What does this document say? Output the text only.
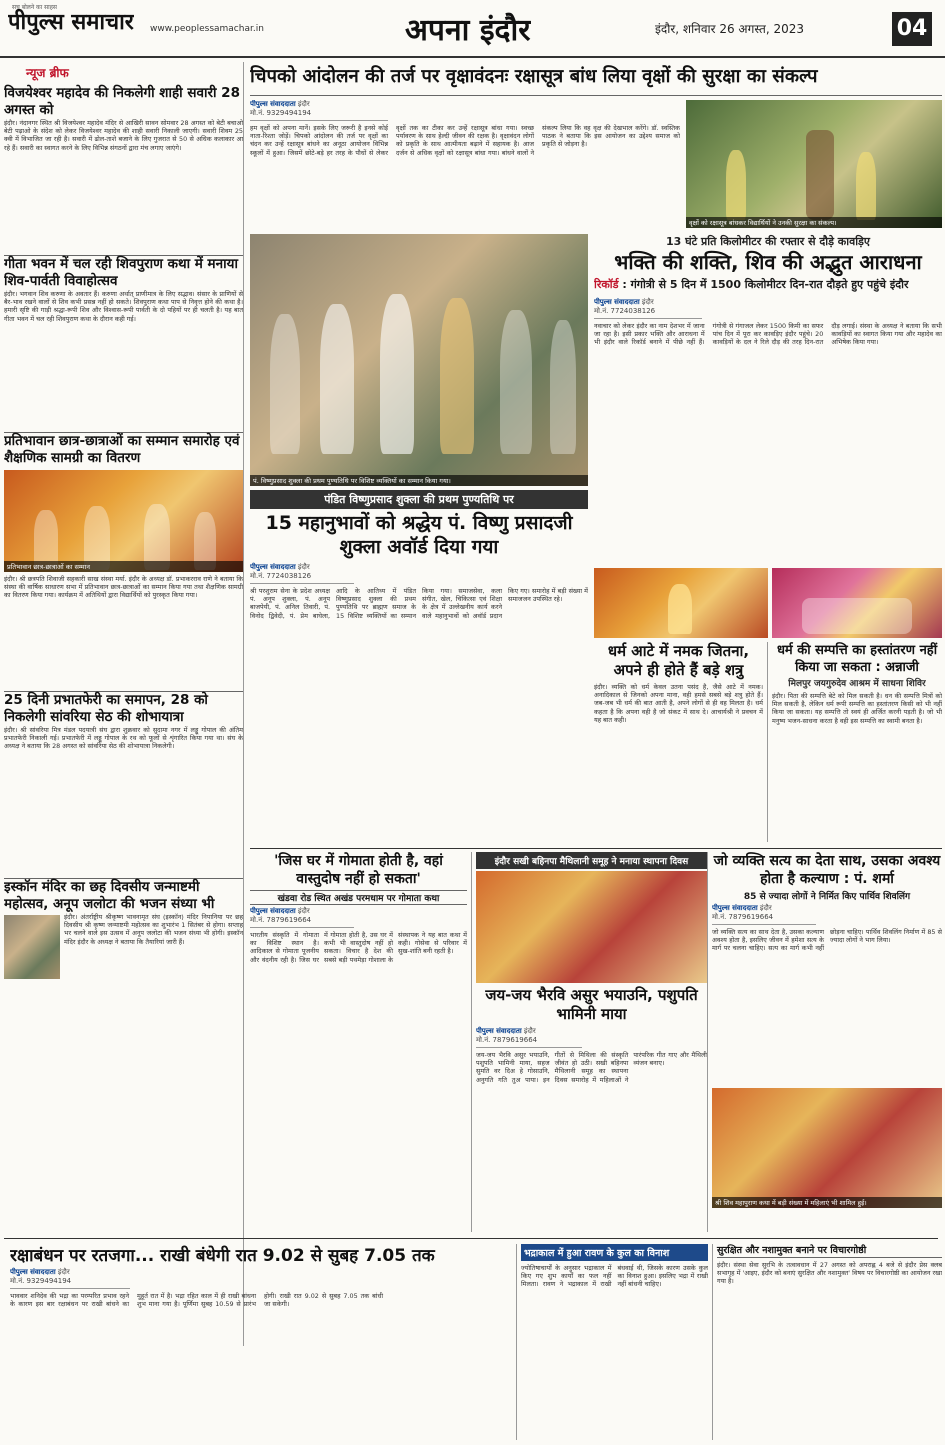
सच बोलने का साहस
पीपुल्स समाचार www.peoplessamachar.in	अपना इंदौर	इंदौर, शनिवार 26 अगस्त, 2023	04
न्यूज ब्रीफ
विजयेश्वर महादेव की निकलेगी शाही सवारी 28 अगस्त को
इंदौर। नंदानगर स्थित श्री विजयेश्वर महादेव मंदिर से आखिरी सावन सोमवार 28 अगस्त को बेटी बचाओ बेटी पढ़ाओ के संदेश को लेकर विजयेश्वर महादेव की शाही सवारी निकाली जाएगी। सवारी शिवम 25 क्वी में विभाजित जा रही है। सवारी में ढोल-ताशे बजाने के लिए गुजरात से 50 से अधिक कलाकार आ रहे हैं। सवारी का स्वागत करने के लिए विभिन्न संगठनों द्वारा मंच लगाए जाएंगे।
गीता भवन में चल रही शिवपुराण कथा में मनाया शिव-पार्वती विवाहोत्सव
इंदौर। भगवान शिव करुणा के अवतार हैं। करुणा अर्थात् प्राणीमात्र के लिए सद्भाव। संसार के प्राणियों से बैर-भाव रखने वालों से शिव कभी प्रसन्न नहीं हो सकते। शिवपुराण कथा पाप से निवृत्त होने की कथा है। हमारी सृष्टि की गाड़ी श्रद्धा-रूपी शिव और विश्वास-रूपी पार्वती के दो पहियों पर ही चलती है। यह बात गीता भवन में चल रही शिवपुराण कथा के दौरान कही गई।
प्रतिभावान छात्र-छात्राओं का सम्मान समारोह एवं शैक्षणिक सामग्री का वितरण
प्रतिभावान छात्र-छात्राओं का सम्मान
इंदौर। श्री छत्रपति शिवाजी सहकारी साख संस्था मर्या. इंदौर के अध्यक्ष डॉ. प्रभाकरराव राणे ने बताया कि संस्था की वार्षिक साधारण सभा में प्रतिभावान छात्र-छात्राओं का सम्मान किया गया तथा शैक्षणिक सामग्री का वितरण किया गया। कार्यक्रम में अतिथियों द्वारा विद्यार्थियों को पुरस्कृत किया गया।
25 दिनी प्रभातफेरी का समापन, 28 को निकलेगी सांवरिया सेठ की शोभायात्रा
इंदौर। श्री सांवरिया मित्र मंडल पदयात्री संघ द्वारा शुक्रवार को सुदामा नगर में लड्डू गोपाल की अंतिम प्रभातफेरी निकाली गई। प्रभातफेरी में लड्डू गोपाल के रथ को फूलों से शृंगारित किया गया था। संघ के अध्यक्ष ने बताया कि 28 अगस्त को सांवरिया सेठ की शोभायात्रा निकलेगी।
इस्कॉन मंदिर का छह दिवसीय जन्माष्टमी महोत्सव, अनूप जलोटा की भजन संध्या भी
इंदौर। अंतर्राष्ट्रीय श्रीकृष्ण भावनामृत संघ (इस्कॉन) मंदिर निपानिया पर छह दिवसीय श्री कृष्ण जन्माष्टमी महोत्सव का शुभारंभ 1 सितंबर से होगा। सप्ताह भर चलने वाले इस उत्सव में अनूप जलोटा की भजन संध्या भी होगी। इस्कॉन मंदिर इंदौर के अध्यक्ष ने बताया कि तैयारियां जारी हैं।
चिपको आंदोलन की तर्ज पर वृक्षावंदनः रक्षासूत्र बांध लिया वृक्षों की सुरक्षा का संकल्प
पीपुल्स संवाददाता इंदौर
मो.नं. 9329494194
हम वृक्षों को अपना मानें। इसके लिए जरूरी है इनसे कोई नाता-रिश्ता जोड़ें। चिपको आंदोलन की तर्ज पर वृक्षों का चंदन कर उन्हें रक्षासूत्र बांधने का अनूठा आयोजन विभिन्न स्कूलों में हुआ। जिसमें छोटे-बड़े हर तरह के पौधों से लेकर वृक्षों तक का टीका कर उन्हें रक्षासूत्र बांधा गया। स्वच्छ पर्यावरण के साथ हेल्दी जीवन की रक्षक है। वृक्षावंदन लोगों को प्रकृति के साथ आत्मीयता बढ़ाने में सहायक है। आज दर्जन से अधिक वृक्षों को रक्षासूत्र बांधा गया। बांधने वालों ने संकल्प लिया कि वह वृक्ष की देखभाल करेंगे। डॉ. स्वस्तिक पाठक ने बताया कि इस आयोजन का उद्देश्य समाज को प्रकृति से जोड़ना है।
वृक्षों को रक्षासूत्र बांधकर विद्यार्थियों ने उनकी सुरक्षा का संकल्प।
पं. विष्णुप्रसाद शुक्ला की प्रथम पुण्यतिथि पर विशिष्ट व्यक्तियों का सम्मान किया गया।
13 घंटे प्रति किलोमीटर की रफ्तार से दौड़े कावड़िए
भक्ति की शक्ति, शिव की अद्भुत आराधना
रिकॉर्ड : गंगोत्री से 5 दिन में 1500 किलोमीटर दिन-रात दौड़ते हुए पहुंचे इंदौर
पीपुल्स संवाददाता इंदौर
मो.नं. 7724038126
नवाचार को लेकर इंदौर का नाम देशभर में जाना जा रहा है। इसी प्रकार भक्ति और आराधना में भी इंदौर वाले रिकॉर्ड बनाने में पीछे नहीं हैं। गंगोत्री से गंगाजल लेकर 1500 किमी का सफर पांच दिन में पूरा कर कावड़िए इंदौर पहुंचे। 20 कावड़ियों के दल ने रिले दौड़ की तरह दिन-रात दौड़ लगाई। संस्था के अध्यक्ष ने बताया कि सभी कावड़ियों का स्वागत किया गया और महादेव का अभिषेक किया गया।
पंडित विष्णुप्रसाद शुक्ला की प्रथम पुण्यतिथि पर
15 महानुभावों को श्रद्धेय पं. विष्णु प्रसादजी शुक्ला अवॉर्ड दिया गया
पीपुल्स संवाददाता इंदौर
मो.नं. 7724038126
श्री परशुराम सेना के प्रदेश अध्यक्ष पं. अनूप शुक्ला, पं. अनूप बाजपेयी, पं. अनिल तिवारी, पं. विनोद द्विवेदी, पं. प्रेम बाघेला, आदि के आतिथ्य में पंडित विष्णुप्रसाद शुक्ला की प्रथम पुण्यतिथि पर ब्राह्मण समाज के 15 विशिष्ट व्यक्तियों का सम्मान किया गया। समाजसेवा, कला संगीत, खेल, चिकित्सा एवं शिक्षा के क्षेत्र में उल्लेखनीय कार्य करने वाले महानुभावों को अवॉर्ड प्रदान किए गए। समारोह में बड़ी संख्या में समाजजन उपस्थित रहे।
धर्म आटे में नमक जितना, अपने ही होते हैं बड़े शत्रु
इंदौर। व्यक्ति को धर्म केवल उतना पसंद है, जैसे आटे में नमक। अनादिकाल से जिनको अपना माना, वही हमसे सबसे बड़े शत्रु होते हैं। जब-जब भी धर्म की बात आती है, अपने लोगों से ही वह मिलता है। धर्म कहता है कि अपना वही है जो संकट में साथ दे। आचार्यश्री ने प्रवचन में यह बात कही।
धर्म की सम्पत्ति का हस्तांतरण नहीं किया जा सकता : अन्नाजी
मिलपुर जयगुरुदेव आश्रम में साधना शिविर
इंदौर। पिता की सम्पत्ति बेटे को मिल सकती है। धन की सम्पत्ति मित्रों को मिल सकती है, लेकिन धर्म रूपी सम्पत्ति का हस्तांतरण किसी को भी नहीं किया जा सकता। यह सम्पत्ति तो स्वयं ही अर्जित करनी पड़ती है। जो भी मनुष्य भजन-साधना करता है वही इस सम्पत्ति का स्वामी बनता है।
'जिस घर में गोमाता होती है, वहां वास्तुदोष नहीं हो सकता'
खंडवा रोड स्थित अखंड परमधाम पर गोमाता कथा
पीपुल्स संवाददाता इंदौर
मो.नं. 7879619664
भारतीय संस्कृति में गोमाता का विशिष्ट स्थान है। आदिकाल से गोमाता पूजनीय और वंदनीय रही है। जिस घर में गोमाता होती है, उस घर में कभी भी वास्तुदोष नहीं हो सकता। विचार है देश की सबसे बड़ी पथमेड़ा गोशाला के संस्थापक ने यह बात कथा में कही। गोसेवा से परिवार में सुख-शांति बनी रहती है।
इंदौर सखी बहिनपा मैथिलानी समूह ने मनाया स्थापना दिवस
जय-जय भैरवि असुर भयाउनि, पशुपति भामिनी माया
पीपुल्स संवाददाता इंदौर
मो.नं. 7879619664
जय-जय भैरवि असुर भयाउनि, पशुपति भामिनी माया, सहज सुमति वर दिअ हे गोसाउनि, अनुगति गति तुअ पाया। इन गीतों से मिथिला की संस्कृति जीवंत हो उठी। सखी बहिनपा मैथिलानी समूह का स्थापना दिवस समारोह में महिलाओं ने पारंपरिक गीत गाए और मैथिली व्यंजन बनाए।
जो व्यक्ति सत्य का देता साथ, उसका अवश्य होता है कल्याण : पं. शर्मा
85 से ज्यादा लोगों ने निर्मित किए पार्थिव शिवलिंग
पीपुल्स संवाददाता इंदौर
मो.नं. 7879619664
जो व्यक्ति सत्य का साथ देता है, उसका कल्याण अवश्य होता है, इसलिए जीवन में हमेशा सत्य के मार्ग पर चलना चाहिए। सत्य का मार्ग कभी नहीं छोड़ना चाहिए। पार्थिव शिवलिंग निर्माण में 85 से ज्यादा लोगों ने भाग लिया।
श्री शिव महापुराण कथा में बड़ी संख्या में महिलाएं भी शामिल हुई।
रक्षाबंधन पर रतजगा... राखी बंधेगी रात 9.02 से सुबह 7.05 तक
पीपुल्स संवाददाता इंदौर
मो.नं. 9329494194
भाववार शनिदेव की भद्रा का परम्परित प्रभाव रहने के कारण इस बार रक्षाबंधन पर राखी बांधने का मुहूर्त रात में है। भद्रा रहित काल में ही राखी बांधना शुभ माना गया है। पूर्णिमा सुबह 10.59 से प्रारंभ होगी। राखी रात 9.02 से सुबह 7.05 तक बांधी जा सकेगी।
भद्राकाल में हुआ रावण के कुल का विनाश
ज्योतिषाचार्यों के अनुसार भद्राकाल में किए गए शुभ कार्यों का फल नहीं मिलता। रावण ने भद्राकाल में राखी बंधवाई थी, जिसके कारण उसके कुल का विनाश हुआ। इसलिए भद्रा में राखी नहीं बांधनी चाहिए।
सुरक्षित और नशामुक्त बनाने पर विचारगोष्ठी
इंदौर। संस्था सेवा सुरभि के तत्वावधान में 27 अगस्त को अपराह्न 4 बजे से इंदौर प्रेस क्लब सभागृह में 'आइए, इंदौर को बनाएं सुरक्षित और नशामुक्त' विषय पर विचारगोष्ठी का आयोजन रखा गया है।
